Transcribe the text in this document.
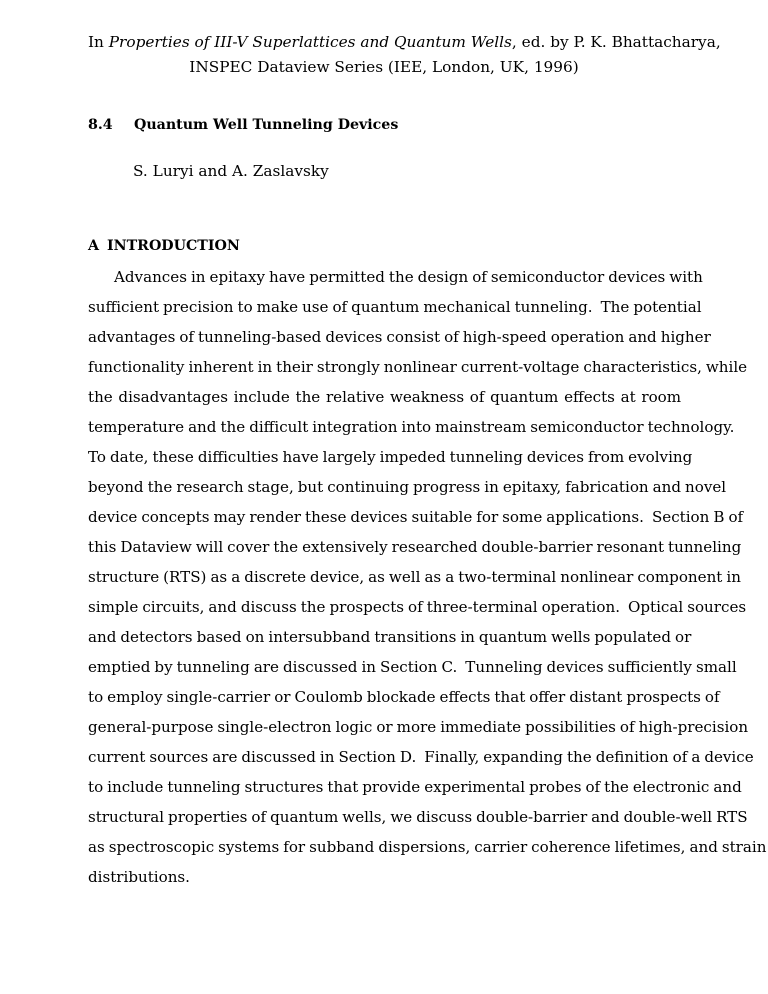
In Properties of III-V Superlattices and Quantum Wells, ed. by P. K. Bhattacharya,
INSPEC Dataview Series (IEE, London, UK, 1996)
8.4 Quantum Well Tunneling Devices
S. Luryi and A. Zaslavsky
A INTRODUCTION
Advances
in
epitaxy
have
permitted
the
design
of
semiconductor
devices
with
sufficient
precision
to
make
use
of
quantum
mechanical
tunneling.
The
potential
advantages
of
tunneling-based
devices
consist
of
high-speed
operation
and
higher
functionality
inherent
in
their
strongly
nonlinear
current-voltage
characteristics,
while
the
disadvantages
include
the
relative
weakness
of
quantum
effects
at
room
temperature
and
the
difficult
integration
into
mainstream
semiconductor
technology.
To
date,
these
difficulties
have
largely
impeded
tunneling
devices
from
evolving
beyond
the
research
stage,
but
continuing
progress
in
epitaxy,
fabrication
and
novel
device
concepts
may
render
these
devices
suitable
for
some
applications.
Section
B
of
this
Dataview
will
cover
the
extensively
researched
double-barrier
resonant
tunneling
structure
(RTS)
as
a
discrete
device,
as
well
as
a
two-terminal
nonlinear
component
in
simple
circuits,
and
discuss
the
prospects
of
three-terminal
operation.
Optical
sources
and
detectors
based
on
intersubband
transitions
in
quantum
wells
populated
or
emptied
by
tunneling
are
discussed
in
Section
C.
Tunneling
devices
sufficiently
small
to
employ
single-carrier
or
Coulomb
blockade
effects
that
offer
distant
prospects
of
general-purpose
single-electron
logic
or
more
immediate
possibilities
of
high-precision
current
sources
are
discussed
in
Section
D.
Finally,
expanding
the
definition
of
a
device
to
include
tunneling
structures
that
provide
experimental
probes
of
the
electronic
and
structural
properties
of
quantum
wells,
we
discuss
double-barrier
and
double-well
RTS
as
spectroscopic
systems
for
subband
dispersions,
carrier
coherence
lifetimes,
and
strain
distributions.
